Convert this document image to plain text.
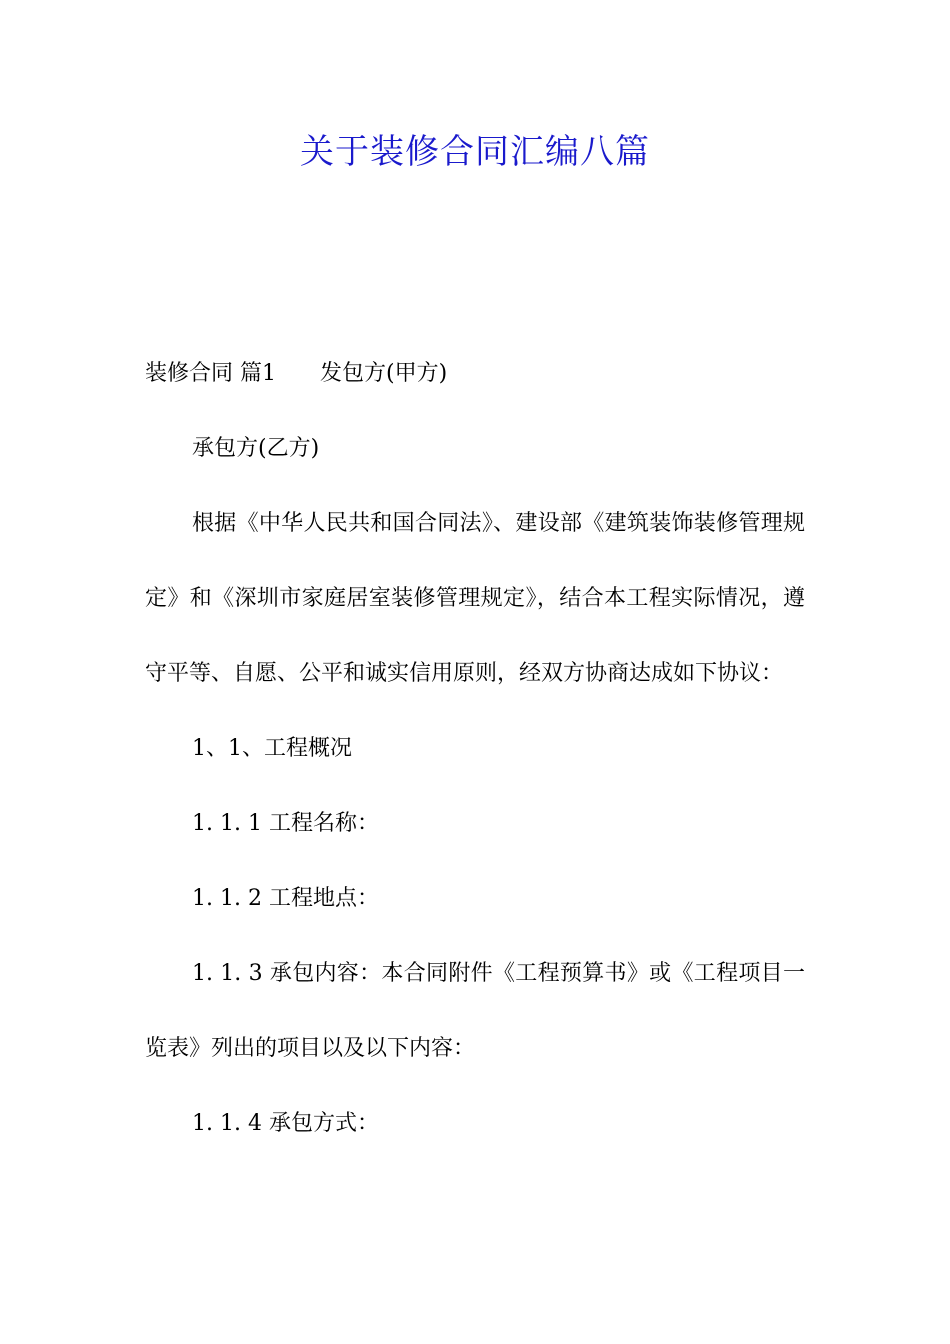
关于装修合同汇编八篇

装修合同 篇1 发包方(甲方)

承包方(乙方)

根据《中华人民共和国合同法》、建设部《建筑装饰装修管理规定》和《深圳市家庭居室装修管理规定》，结合本工程实际情况，遵守平等、自愿、公平和诚实信用原则，经双方协商达成如下协议：

1、1、工程概况

1. 1. 1 工程名称：

1. 1. 2 工程地点：

1. 1. 3 承包内容：本合同附件《工程预算书》或《工程项目一览表》列出的项目以及以下内容：

1. 1. 4 承包方式：
